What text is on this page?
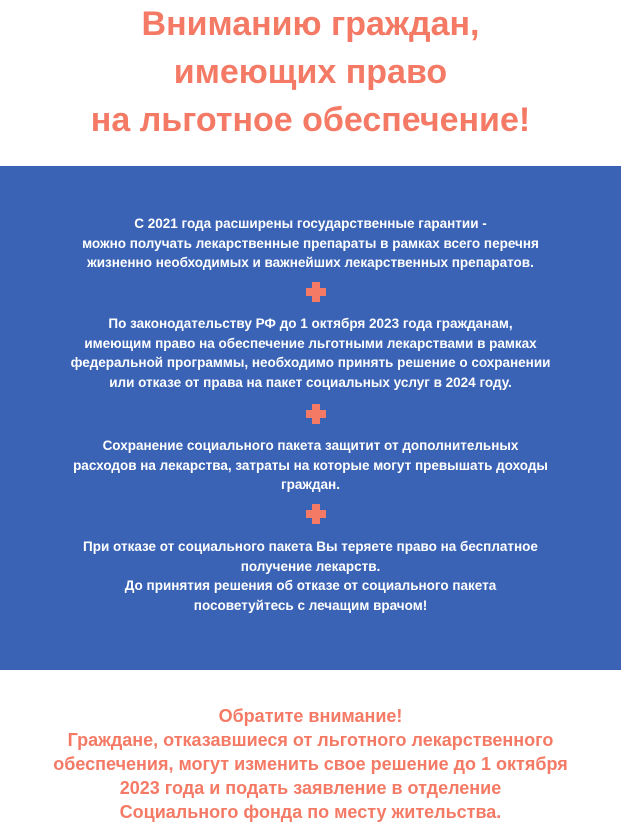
Вниманию граждан,
имеющих право
на льготное обеспечение!
С 2021 года расширены государственные гарантии -
можно получать лекарственные препараты в рамках всего перечня
жизненно необходимых и важнейших лекарственных препаратов.
По законодательству РФ до 1 октября 2023 года гражданам,
имеющим право на обеспечение льготными лекарствами в рамках
федеральной программы, необходимо принять решение о сохранении
или отказе от права на пакет социальных услуг в 2024 году.
Сохранение социального пакета защитит от дополнительных
расходов на лекарства, затраты на которые могут превышать доходы
граждан.
При отказе от социального пакета Вы теряете право на бесплатное
получение лекарств.
До принятия решения об отказе от социального пакета
посоветуйтесь с лечащим врачом!
Обратите внимание!
Граждане, отказавшиеся от льготного лекарственного
обеспечения, могут изменить свое решение до 1 октября
2023 года и подать заявление в отделение
Социального фонда по месту жительства.
